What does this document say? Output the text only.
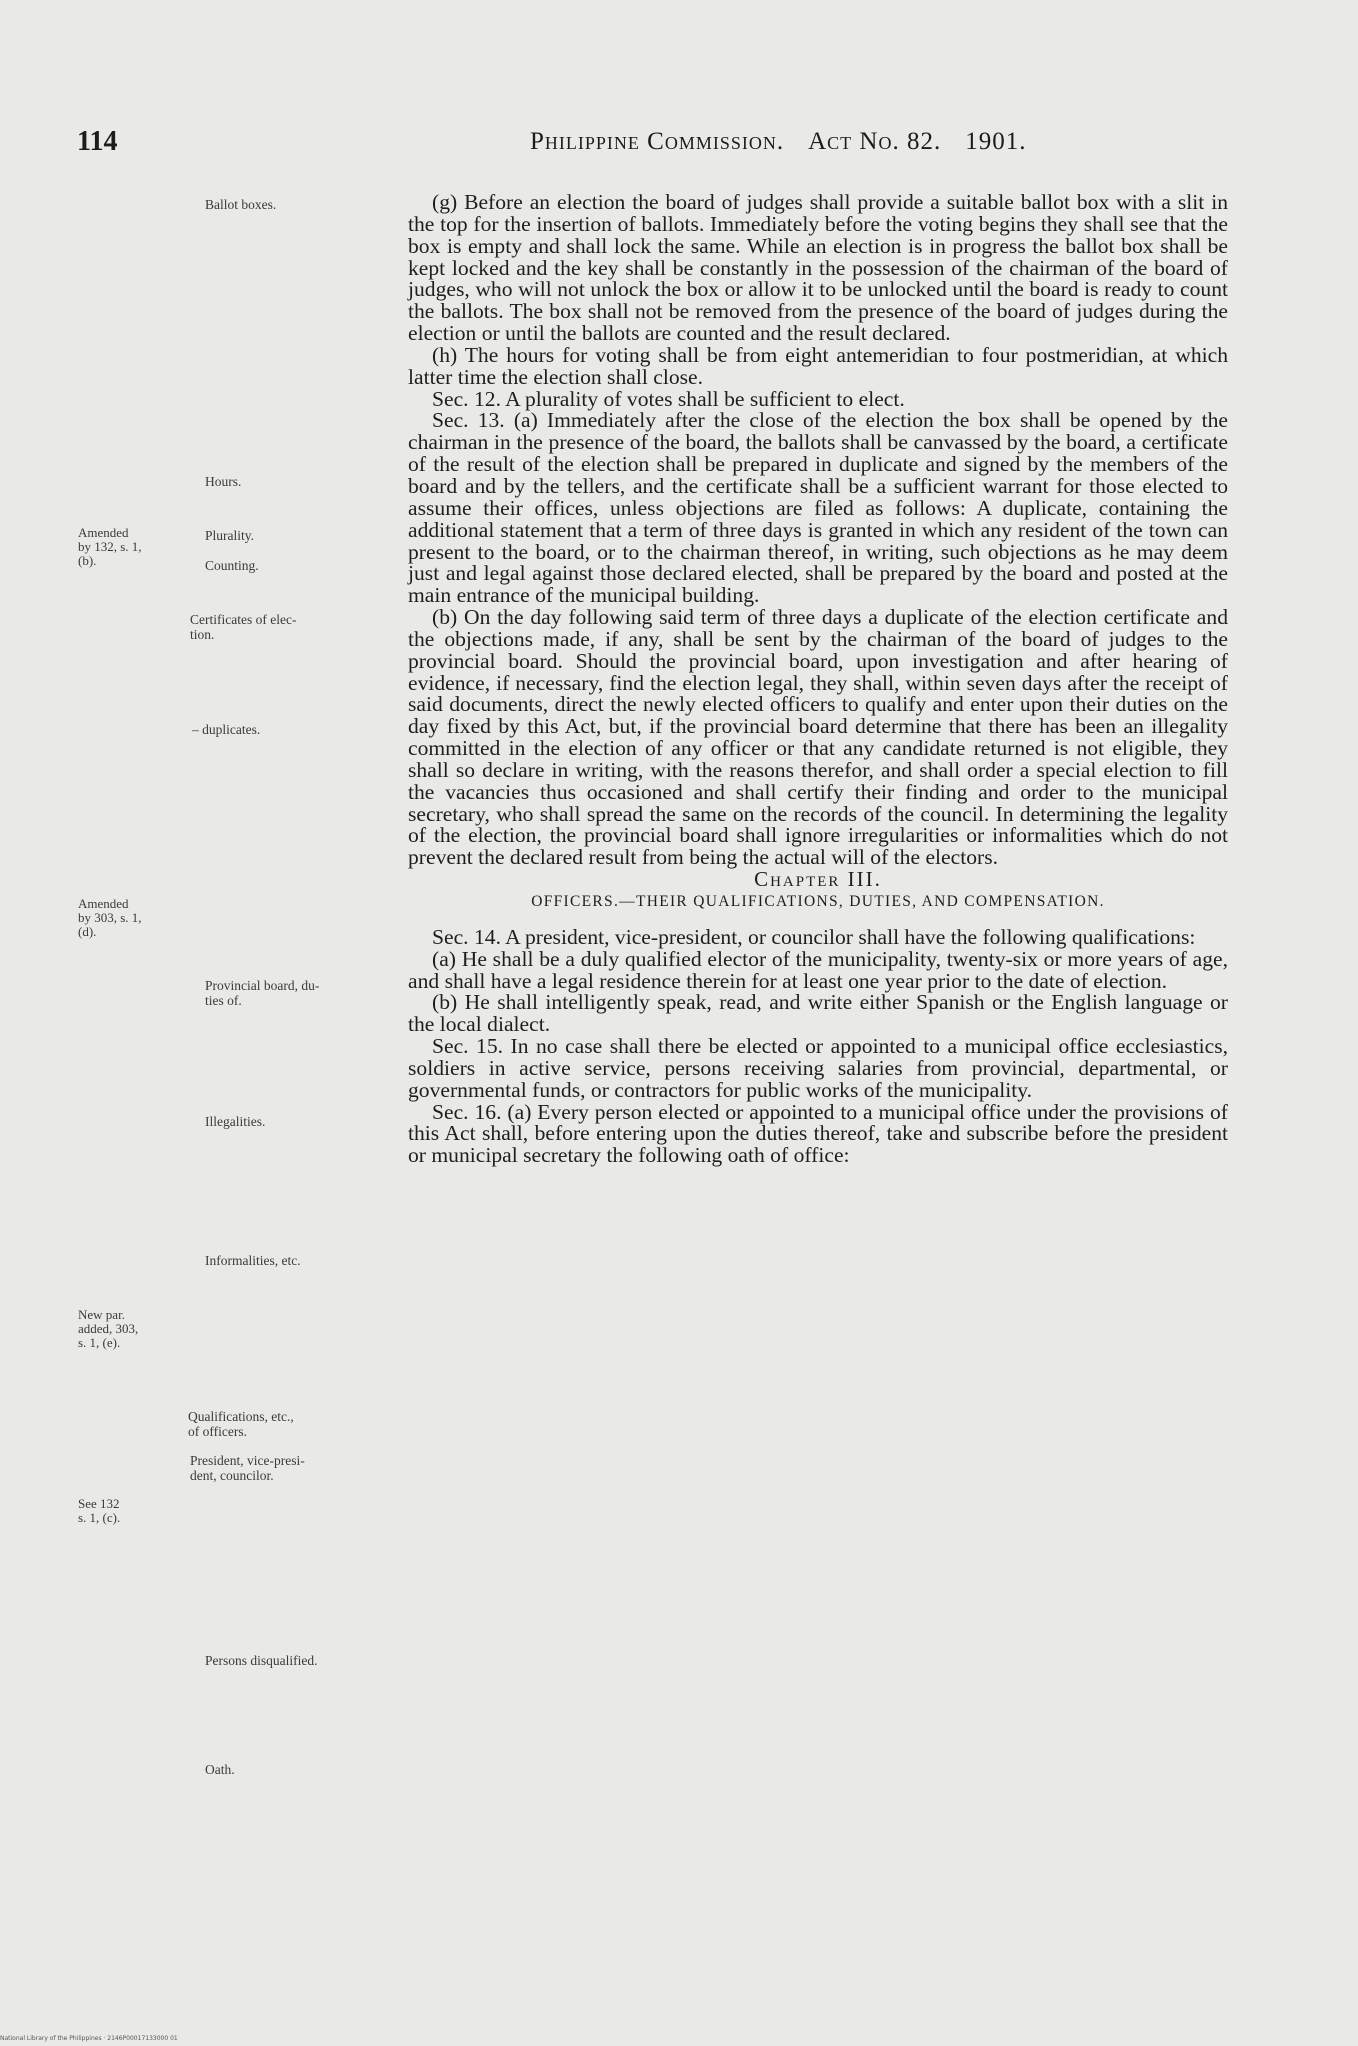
114	Philippine Commission. Act No. 82. 1901.
Ballot boxes.
Hours.
Plurality.
Counting.
Certificates of elec-
tion.
– duplicates.
Provincial board, du-
ties of.
Illegalities.
Informalities, etc.
Qualifications, etc.,
of officers.
President, vice-presi-
dent, councilor.
Persons disqualified.
Oath.
Amended
by 132, s. 1,
(b).
Amended
by 303, s. 1,
(d).
New par.
added, 303,
s. 1, (e).
See 132
s. 1, (c).

(g) Before an election the board of judges shall provide a suitable ballot box with a slit in the top for the insertion of ballots. Immediately before the voting begins they shall see that the box is empty and shall lock the same. While an election is in progress the ballot box shall be kept locked and the key shall be constantly in the possession of the chairman of the board of judges, who will not unlock the box or allow it to be unlocked until the board is ready to count the ballots. The box shall not be removed from the presence of the board of judges during the election or until the ballots are counted and the result declared.

(h) The hours for voting shall be from eight antemeridian to four postmeridian, at which latter time the election shall close.

Sec. 12. A plurality of votes shall be sufficient to elect.

Sec. 13. (a) Immediately after the close of the election the box shall be opened by the chairman in the presence of the board, the ballots shall be canvassed by the board, a certificate of the result of the election shall be prepared in duplicate and signed by the members of the board and by the tellers, and the certificate shall be a sufficient warrant for those elected to assume their offices, unless objections are filed as follows: A duplicate, containing the additional statement that a term of three days is granted in which any resident of the town can present to the board, or to the chairman thereof, in writing, such objections as he may deem just and legal against those declared elected, shall be prepared by the board and posted at the main entrance of the municipal building.

(b) On the day following said term of three days a duplicate of the election certificate and the objections made, if any, shall be sent by the chairman of the board of judges to the provincial board. Should the provincial board, upon investigation and after hearing of evidence, if necessary, find the election legal, they shall, within seven days after the receipt of said documents, direct the newly elected officers to qualify and enter upon their duties on the day fixed by this Act, but, if the provincial board determine that there has been an illegality committed in the election of any officer or that any candidate returned is not eligible, they shall so declare in writing, with the reasons therefor, and shall order a special election to fill the vacancies thus occasioned and shall certify their finding and order to the municipal secretary, who shall spread the same on the records of the council. In determining the legality of the election, the provincial board shall ignore irregularities or informalities which do not prevent the declared result from being the actual will of the electors.

Chapter III.

OFFICERS.—THEIR QUALIFICATIONS, DUTIES, AND COMPENSATION.

Sec. 14. A president, vice-president, or councilor shall have the following qualifications:

(a) He shall be a duly qualified elector of the municipality, twenty-six or more years of age, and shall have a legal residence therein for at least one year prior to the date of election.

(b) He shall intelligently speak, read, and write either Spanish or the English language or the local dialect.

Sec. 15. In no case shall there be elected or appointed to a municipal office ecclesiastics, soldiers in active service, persons receiving salaries from provincial, departmental, or governmental funds, or contractors for public works of the municipality.

Sec. 16. (a) Every person elected or appointed to a municipal office under the provisions of this Act shall, before entering upon the duties thereof, take and subscribe before the president or municipal secretary the following oath of office:

National Library of the Philippines · 2146P00017133000 01
